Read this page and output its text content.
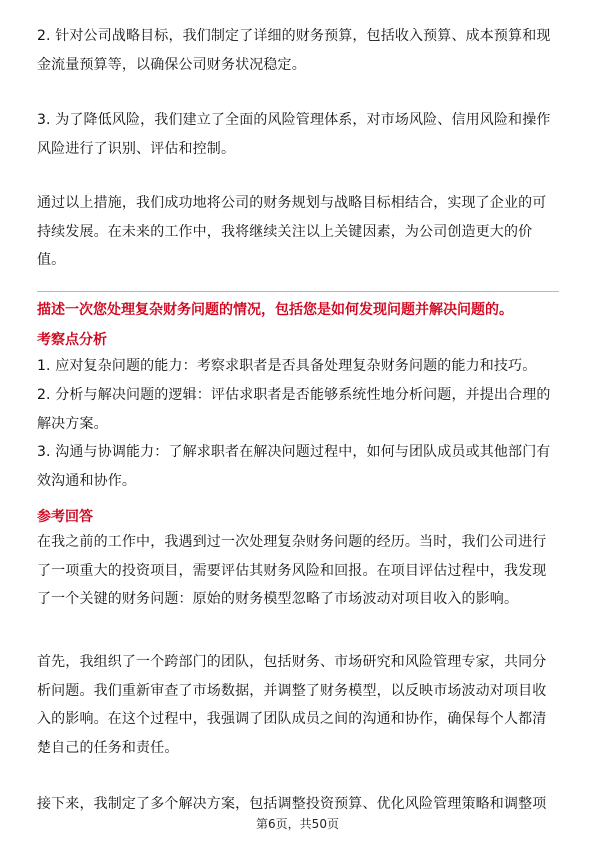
2. 针对公司战略目标，我们制定了详细的财务预算，包括收入预算、成本预算和现金流量预算等，以确保公司财务状况稳定。

3. 为了降低风险，我们建立了全面的风险管理体系，对市场风险、信用风险和操作风险进行了识别、评估和控制。

通过以上措施，我们成功地将公司的财务规划与战略目标相结合，实现了企业的可持续发展。在未来的工作中，我将继续关注以上关键因素，为公司创造更大的价值。

描述一次您处理复杂财务问题的情况，包括您是如何发现问题并解决问题的。

考察点分析

1. 应对复杂问题的能力：考察求职者是否具备处理复杂财务问题的能力和技巧。

2. 分析与解决问题的逻辑：评估求职者是否能够系统性地分析问题，并提出合理的解决方案。

3. 沟通与协调能力：了解求职者在解决问题过程中，如何与团队成员或其他部门有效沟通和协作。

参考回答

在我之前的工作中，我遇到过一次处理复杂财务问题的经历。当时，我们公司进行了一项重大的投资项目，需要评估其财务风险和回报。在项目评估过程中，我发现了一个关键的财务问题：原始的财务模型忽略了市场波动对项目收入的影响。

首先，我组织了一个跨部门的团队，包括财务、市场研究和风险管理专家，共同分析问题。我们重新审查了市场数据，并调整了财务模型，以反映市场波动对项目收入的影响。在这个过程中，我强调了团队成员之间的沟通和协作，确保每个人都清楚自己的任务和责任。

接下来，我制定了多个解决方案，包括调整投资预算、优化风险管理策略和调整项

第6页，共50页
